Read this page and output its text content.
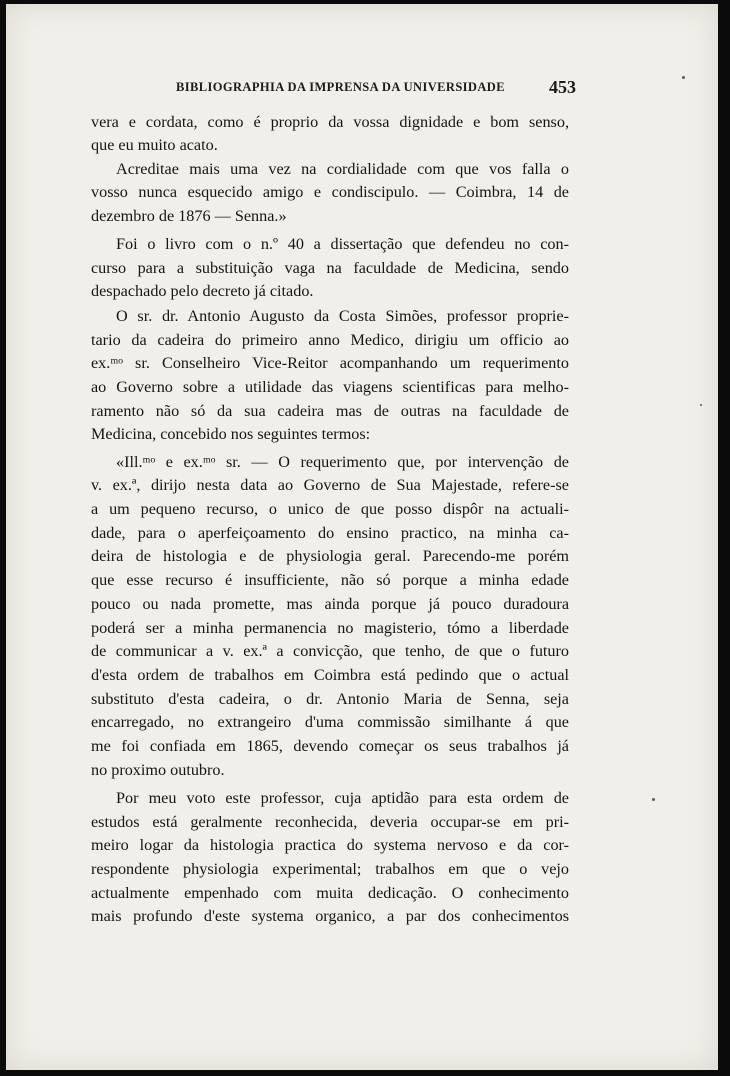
BIBLIOGRAPHIA DA IMPRENSA DA UNIVERSIDADE 453
vera e cordata, como é proprio da vossa dignidade e bom senso,
que eu muito acato.
Acreditae mais uma vez na cordialidade com que vos falla o
vosso nunca esquecido amigo e condiscipulo. — Coimbra, 14 de
dezembro de 1876 — Senna.»
Foi o livro com o n.º 40 a dissertação que defendeu no con-
curso para a substituição vaga na faculdade de Medicina, sendo
despachado pelo decreto já citado.
O sr. dr. Antonio Augusto da Costa Simões, professor proprie-
tario da cadeira do primeiro anno Medico, dirigiu um officio ao
ex.ᵐᵒ sr. Conselheiro Vice-Reitor acompanhando um requerimento
ao Governo sobre a utilidade das viagens scientificas para melho-
ramento não só da sua cadeira mas de outras na faculdade de
Medicina, concebido nos seguintes termos:
«Ill.ᵐᵒ e ex.ᵐᵒ sr. — O requerimento que, por intervenção de
v. ex.ª, dirijo nesta data ao Governo de Sua Majestade, refere-se
a um pequeno recurso, o unico de que posso dispôr na actuali-
dade, para o aperfeiçoamento do ensino practico, na minha ca-
deira de histologia e de physiologia geral. Parecendo-me porém
que esse recurso é insufficiente, não só porque a minha edade
pouco ou nada promette, mas ainda porque já pouco duradoura
poderá ser a minha permanencia no magisterio, tómo a liberdade
de communicar a v. ex.ª a convicção, que tenho, de que o futuro
d'esta ordem de trabalhos em Coimbra está pedindo que o actual
substituto d'esta cadeira, o dr. Antonio Maria de Senna, seja
encarregado, no extrangeiro d'uma commissão similhante á que
me foi confiada em 1865, devendo começar os seus trabalhos já
no proximo outubro.
Por meu voto este professor, cuja aptidão para esta ordem de
estudos está geralmente reconhecida, deveria occupar-se em pri-
meiro logar da histologia practica do systema nervoso e da cor-
respondente physiologia experimental; trabalhos em que o vejo
actualmente empenhado com muita dedicação. O conhecimento
mais profundo d'este systema organico, a par dos conhecimentos
